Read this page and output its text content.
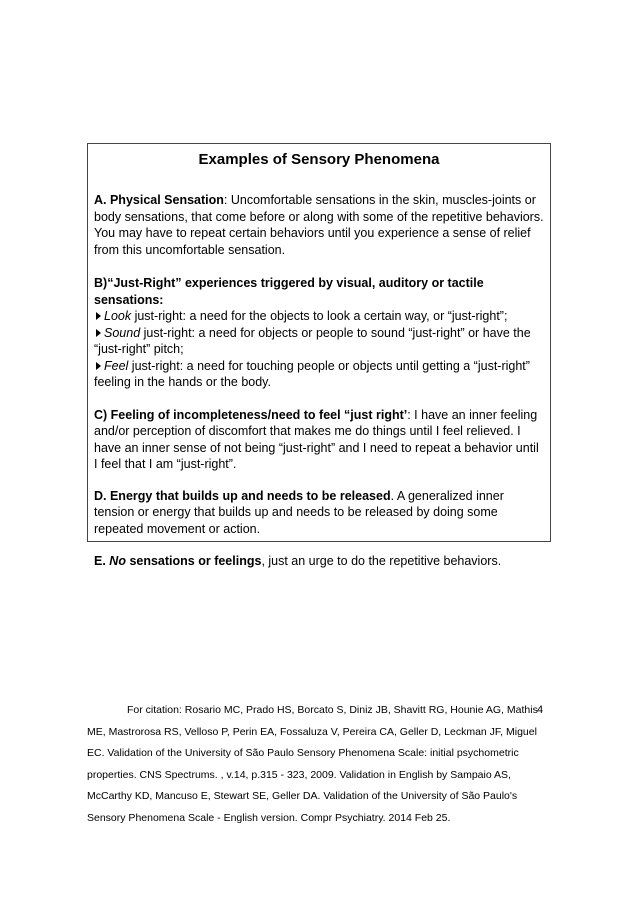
Examples of Sensory Phenomena

A. Physical Sensation: Uncomfortable sensations in the skin, muscles-joints or body sensations, that come before or along with some of the repetitive behaviors. You may have to repeat certain behaviors until you experience a sense of relief from this uncomfortable sensation.

B)“Just-Right” experiences triggered by visual, auditory or tactile sensations:
Look just-right: a need for the objects to look a certain way, or “just-right”;
Sound just-right: a need for objects or people to sound “just-right” or have the “just-right” pitch;
Feel just-right: a need for touching people or objects until getting a “just-right” feeling in the hands or the body.

C) Feeling of incompleteness/need to feel “just right’: I have an inner feeling and/or perception of discomfort that makes me do things until I feel relieved. I have an inner sense of not being “just-right” and I need to repeat a behavior until I feel that I am “just-right”.

D. Energy that builds up and needs to be released. A generalized inner tension or energy that builds up and needs to be released by doing some repeated movement or action.

E. No sensations or feelings, just an urge to do the repetitive behaviors.

For citation: Rosario MC, Prado HS, Borcato S, Diniz JB, Shavitt RG, Hounie AG, Mathis ME, Mastrorosa RS, Velloso P, Perin EA, Fossaluza V, Pereira CA, Geller D, Leckman JF, Miguel EC. Validation of the University of São Paulo Sensory Phenomena Scale: initial psychometric properties. CNS Spectrums. , v.14, p.315 - 323, 2009. Validation in English by Sampaio AS, McCarthy KD, Mancuso E, Stewart SE, Geller DA. Validation of the University of São Paulo's Sensory Phenomena Scale - English version. Compr Psychiatry. 2014 Feb 25.

4
